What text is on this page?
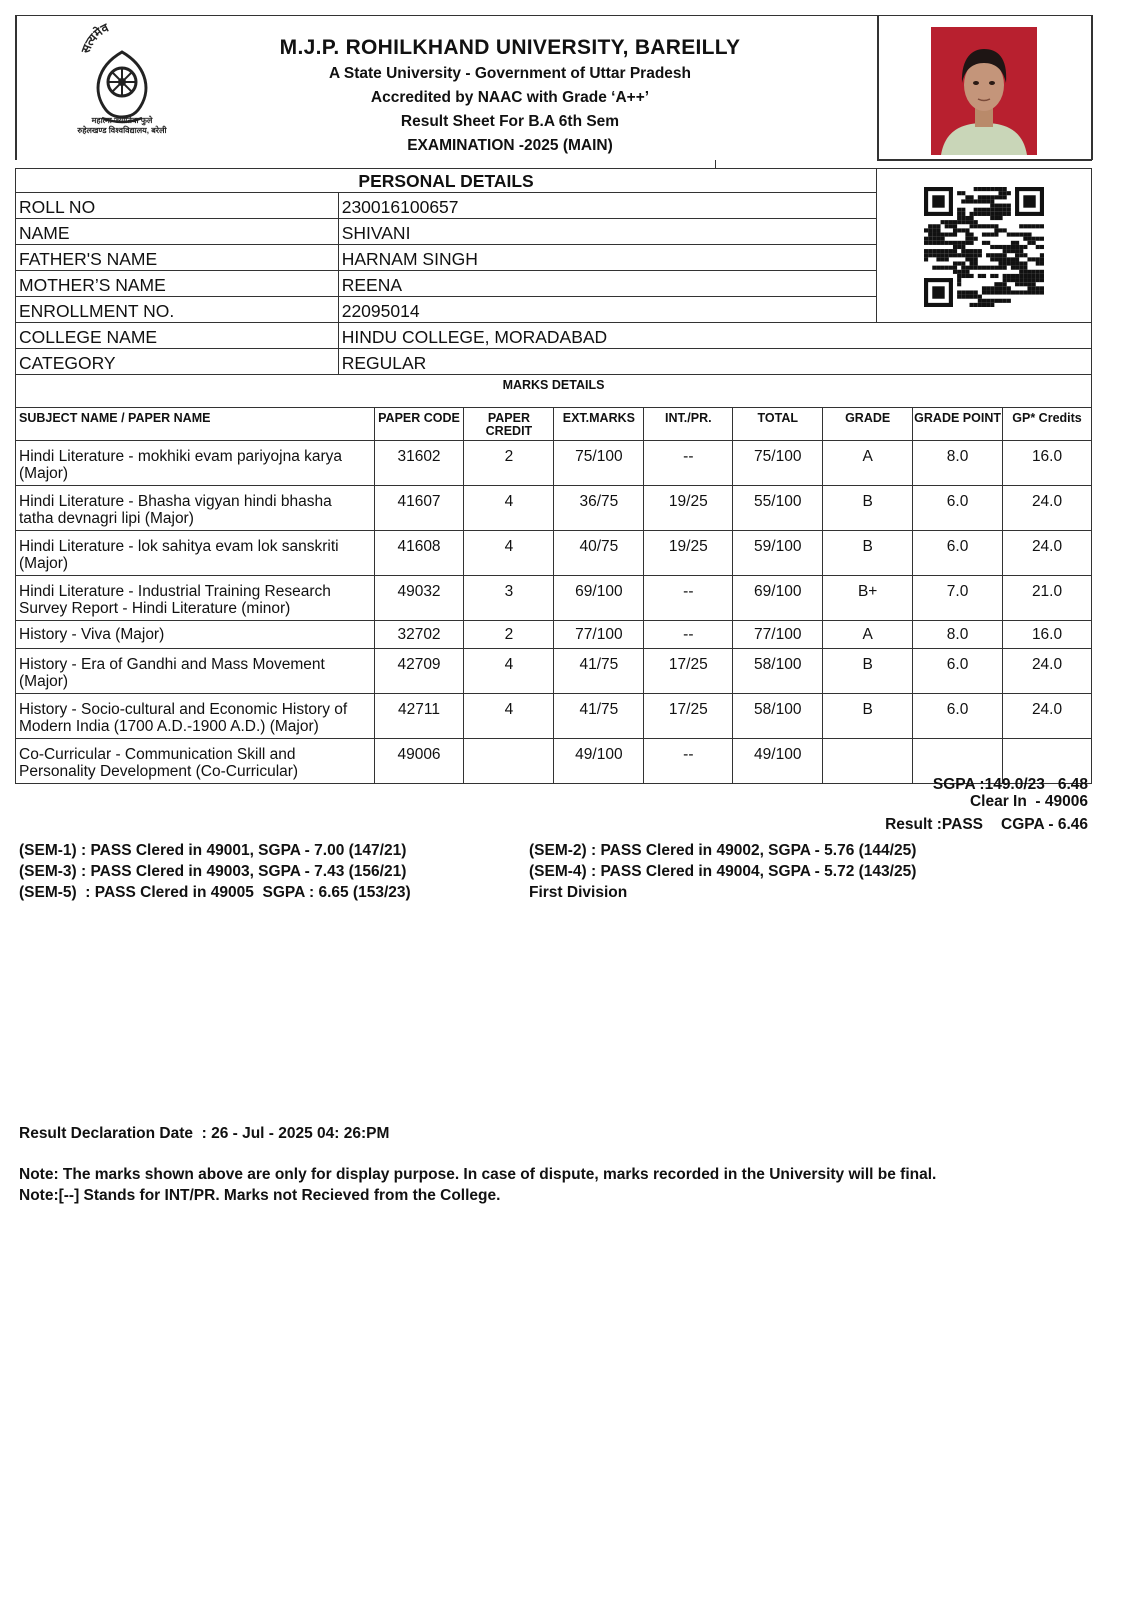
सत्यमेव
महात्मा ज्योतिबा फुले
रुहेलखण्ड विश्वविद्यालय, बरेली
M.J.P. ROHILKHAND UNIVERSITY, BAREILLY
A State University - Government of Uttar Pradesh
Accredited by NAAC with Grade ‘A++’
Result Sheet For B.A 6th Sem
EXAMINATION -2025 (MAIN)
PERSONAL DETAILS	
ROLL NO	230016100657	
NAME	SHIVANI	
FATHER'S NAME	HARNAM SINGH	
MOTHER’S NAME	REENA	
ENROLLMENT NO.	22095014	
COLLEGE NAME	HINDU COLLEGE, MORADABAD	
CATEGORY	REGULAR	
MARKS DETAILS								
SUBJECT NAME / PAPER NAME	PAPER CODE	PAPER CREDIT	EXT.MARKS	INT./PR.	TOTAL	GRADE	GRADE POINT	GP* Credits
Hindi Literature - mokhiki evam pariyojna karya (Major)	31602	2	75/100	--	75/100	A	8.0	16.0
Hindi Literature - Bhasha vigyan hindi bhasha tatha devnagri lipi (Major)	41607	4	36/75	19/25	55/100	B	6.0	24.0
Hindi Literature - lok sahitya evam lok sanskriti (Major)	41608	4	40/75	19/25	59/100	B	6.0	24.0
Hindi Literature - Industrial Training Research Survey Report - Hindi Literature (minor)	49032	3	69/100	--	69/100	B+	7.0	21.0
History - Viva (Major)	32702	2	77/100	--	77/100	A	8.0	16.0
History - Era of Gandhi and Mass Movement (Major)	42709	4	41/75	17/25	58/100	B	6.0	24.0
History - Socio-cultural and Economic History of Modern India (1700 A.D.-1900 A.D.) (Major)	42711	4	41/75	17/25	58/100	B	6.0	24.0
Co-Curricular - Communication Skill and Personality Development (Co-Curricular)	49006		49/100	--	49/100			
SGPA :149.0/23   6.48
Clear In  - 49006
Result :PASS CGPA - 6.46
(SEM-1) : PASS Clered in 49001, SGPA - 7.00 (147/21)
(SEM-3) : PASS Clered in 49003, SGPA - 7.43 (156/21)
(SEM-5)  : PASS Clered in 49005  SGPA : 6.65 (153/23)
(SEM-2) : PASS Clered in 49002, SGPA - 5.76 (144/25)
(SEM-4) : PASS Clered in 49004, SGPA - 5.72 (143/25)
First Division
Result Declaration Date  : 26 - Jul - 2025 04: 26:PM
Note: The marks shown above are only for display purpose. In case of dispute, marks recorded in the University will be final.
Note:[--] Stands for INT/PR. Marks not Recieved from the College.
